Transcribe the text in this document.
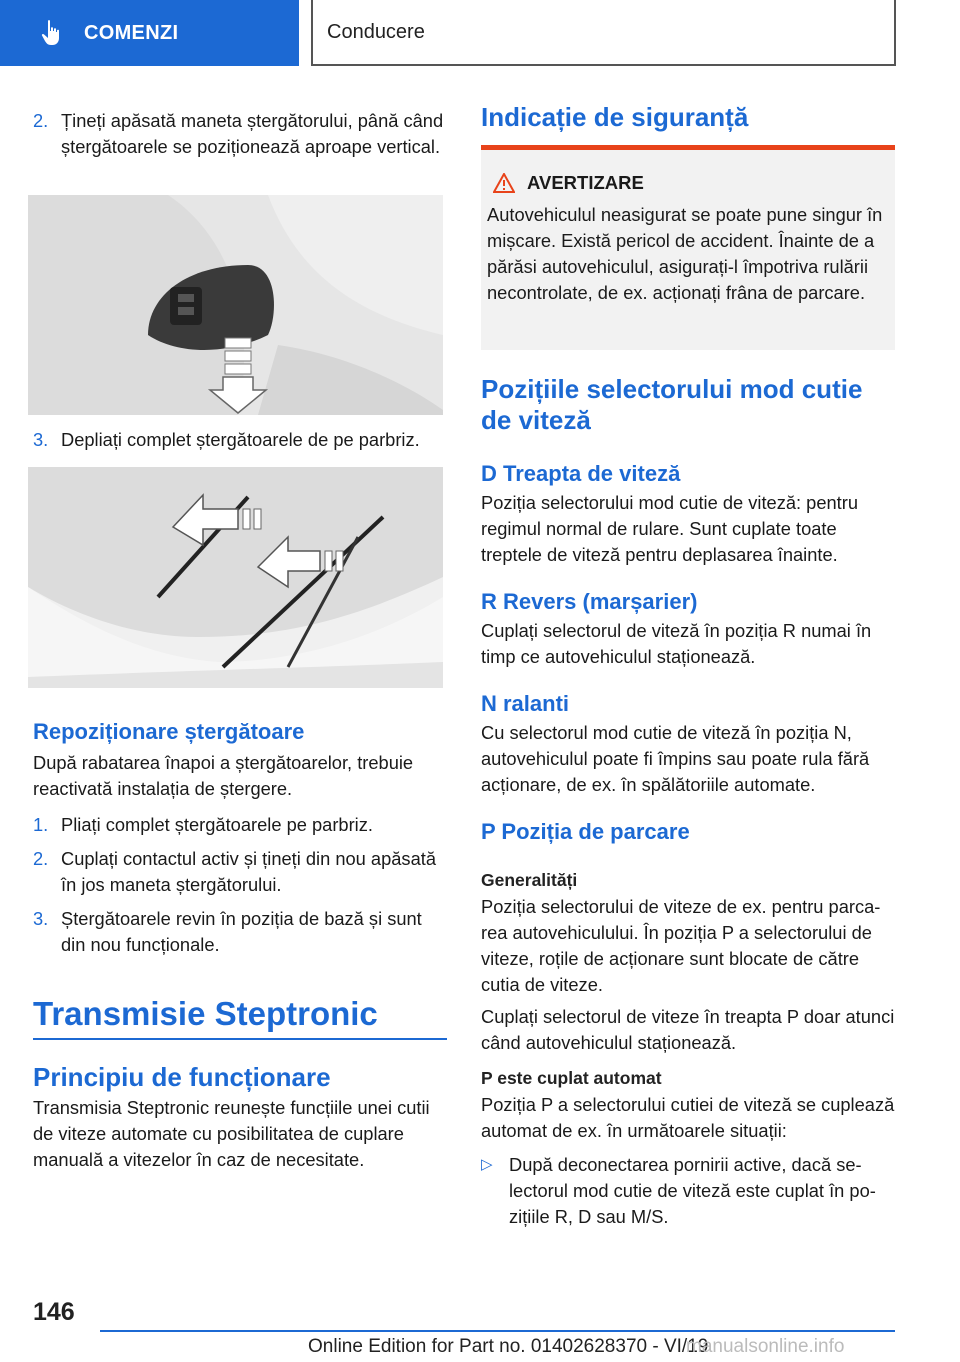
COMENZI	Conducere
2. Țineți apăsată maneta ștergătorului, până când ștergătoarele se poziționează aproape vertical.
3. Depliați complet ștergătoarele de pe parbriz.
Repoziționare ștergătoare

După rabatarea înapoi a ștergătoarelor, trebuie reactivată instalația de ștergere.

1. Pliați complet ștergătoarele pe parbriz.
2. Cuplați contactul activ și țineți din nou apăsată în jos maneta ștergătorului.
3. Ștergătoarele revin în poziția de bază și sunt din nou funcționale.
Transmisie Steptronic
Principiu de funcționare

Transmisia Steptronic reunește funcțiile unei cutii de viteze automate cu posibilitatea de cuplare manuală a vitezelor în caz de necesitate.

Indicație de siguranță
AVERTIZARE

Autovehiculul neasigurat se poate pune singur în mișcare. Există pericol de accident. Înainte de a părăsi autovehiculul, asigurați-l împotriva rulării necontrolate, de ex. acționați frâna de parcare.

Pozițiile selectorului mod cutie de viteză
D Treapta de viteză

Poziția selectorului mod cutie de viteză: pentru regimul normal de rulare. Sunt cuplate toate treptele de viteză pentru deplasarea înainte.

R Revers (marșarier)

Cuplați selectorul de viteză în poziția R numai în timp ce autovehiculul staționează.

N ralanti

Cu selectorul mod cutie de viteză în poziția N, autovehiculul poate fi împins sau poate rula fără acționare, de ex. în spălătoriile automate.

P Poziția de parcare
Generalități

Poziția selectorului de viteze de ex. pentru parcarea autovehiculului. În poziția P a selectorului de viteze, roțile de acționare sunt blocate de către cutia de viteze.

Cuplați selectorul de viteze în treapta P doar atunci când autovehiculul staționează.

P este cuplat automat

Poziția P a selectorului cutiei de viteză se cuplează automat de ex. în următoarele situații:

▷ După deconectarea pornirii active, dacă selectorul mod cutie de viteză este cuplat în pozițiile R, D sau M/S.
146
Online Edition for Part no. 01402628370 - VI/19
manualsonline.info
